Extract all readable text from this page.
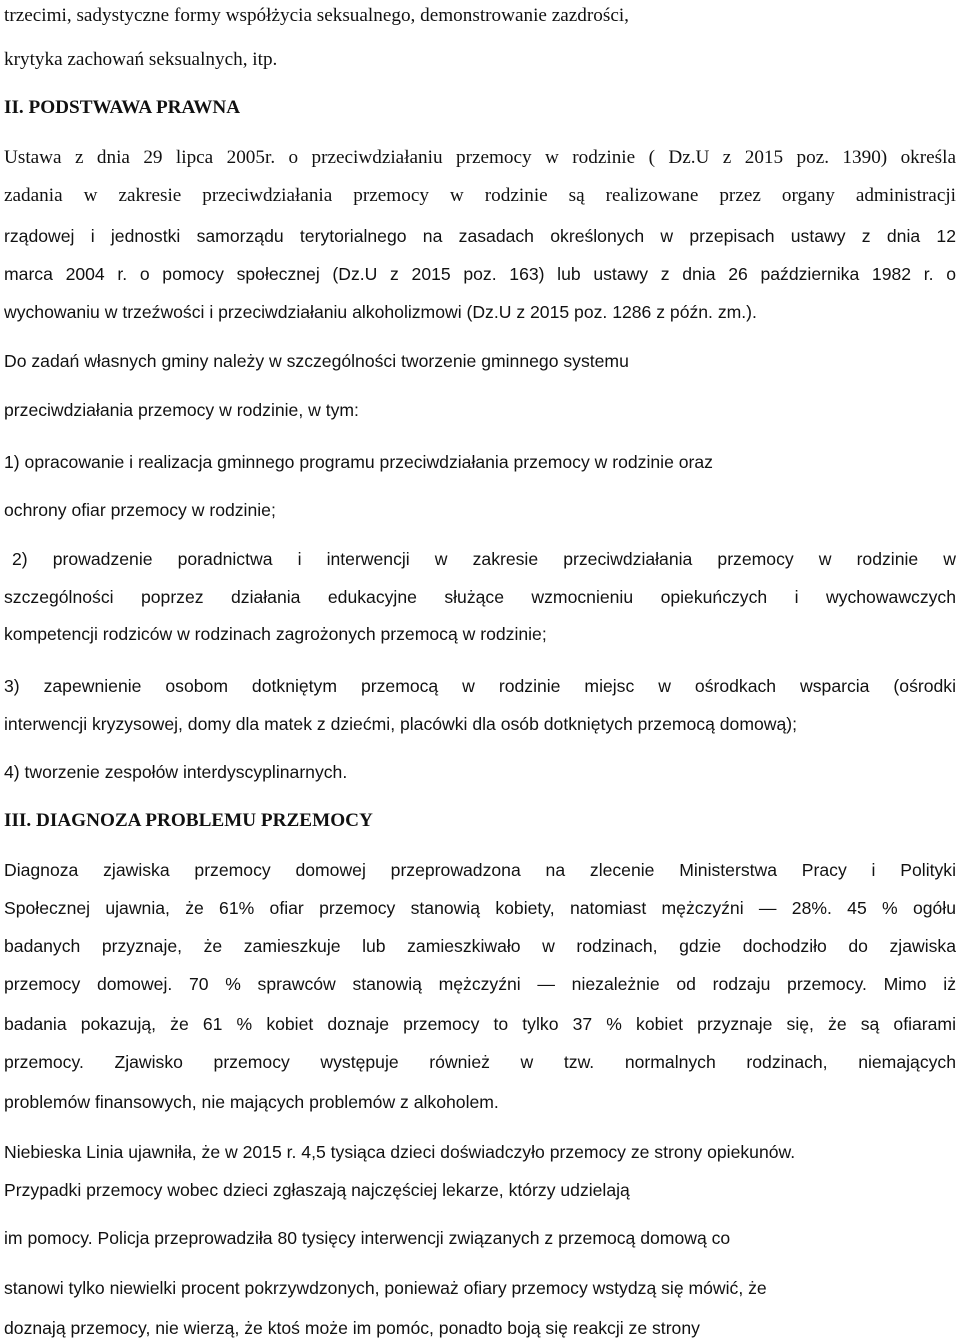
trzecimi, sadystyczne formy współżycia seksualnego, demonstrowanie zazdrości,

krytyka zachowań seksualnych, itp.

II. PODSTWAWA PRAWNA

Ustawa z dnia 29 lipca 2005r. o przeciwdziałaniu przemocy w rodzinie ( Dz.U z 2015 poz. 1390) określa

zadania w zakresie przeciwdziałania przemocy w rodzinie są realizowane przez organy administracji

rządowej i jednostki samorządu terytorialnego na zasadach określonych w przepisach ustawy z dnia 12

marca 2004 r. o pomocy społecznej (Dz.U z 2015 poz. 163) lub ustawy z dnia 26 października 1982 r. o

wychowaniu w trzeźwości i przeciwdziałaniu alkoholizmowi (Dz.U z 2015 poz. 1286 z późn. zm.).

Do zadań własnych gminy należy w szczególności tworzenie gminnego systemu

przeciwdziałania przemocy w rodzinie, w tym:

1) opracowanie i realizacja gminnego programu przeciwdziałania przemocy w rodzinie oraz

ochrony ofiar przemocy w rodzinie;

2) prowadzenie poradnictwa i interwencji w zakresie przeciwdziałania przemocy w rodzinie w

szczególności poprzez działania edukacyjne służące wzmocnieniu opiekuńczych i wychowawczych

kompetencji rodziców w rodzinach zagrożonych przemocą w rodzinie;

3) zapewnienie osobom dotkniętym przemocą w rodzinie miejsc w ośrodkach wsparcia (ośrodki

interwencji kryzysowej, domy dla matek z dziećmi, placówki dla osób dotkniętych przemocą domową);

4) tworzenie zespołów interdyscyplinarnych.

III. DIAGNOZA PROBLEMU PRZEMOCY

Diagnoza zjawiska przemocy domowej przeprowadzona na zlecenie Ministerstwa Pracy i Polityki

Społecznej ujawnia, że 61% ofiar przemocy stanowią kobiety, natomiast mężczyźni — 28%. 45 % ogółu

badanych przyznaje, że zamieszkuje lub zamieszkiwało w rodzinach, gdzie dochodziło do zjawiska

przemocy domowej. 70 % sprawców stanowią mężczyźni — niezależnie od rodzaju przemocy. Mimo iż

badania pokazują, że 61 % kobiet doznaje przemocy to tylko 37 % kobiet przyznaje się, że są ofiarami

przemocy. Zjawisko przemocy występuje również w tzw. normalnych rodzinach, niemających

problemów finansowych, nie mających problemów z alkoholem.

Niebieska Linia ujawniła, że w 2015 r. 4,5 tysiąca dzieci doświadczyło przemocy ze strony opiekunów.

Przypadki przemocy wobec dzieci zgłaszają najczęściej lekarze, którzy udzielają

im pomocy. Policja przeprowadziła 80 tysięcy interwencji związanych z przemocą domową co

stanowi tylko niewielki procent pokrzywdzonych, ponieważ ofiary przemocy wstydzą się mówić, że

doznają przemocy, nie wierzą, że ktoś może im pomóc, ponadto boją się reakcji ze strony
